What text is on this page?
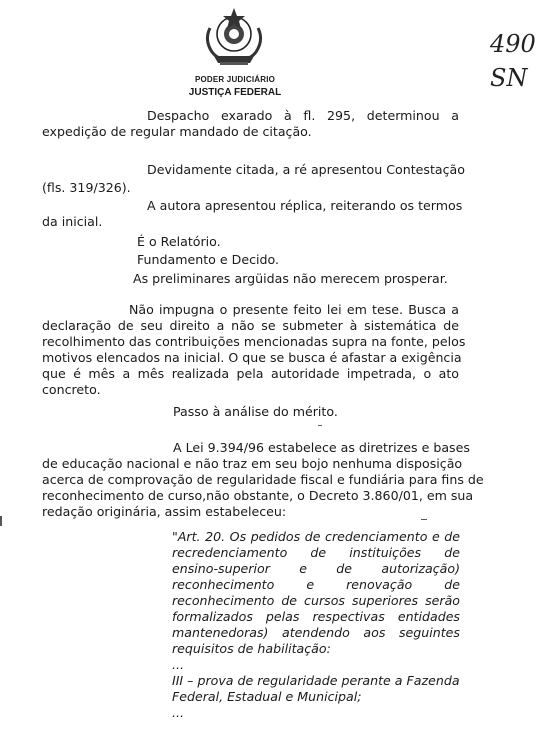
PODER JUDICIÁRIO
JUSTIÇA FEDERAL
490
SN
Despacho exarado à fl. 295, determinou a
expedição de regular mandado de citação.
Devidamente citada, a ré apresentou Contestação
(fls. 319/326).
A autora apresentou réplica, reiterando os termos
da inicial.
É o Relatório.
Fundamento e Decido.
As preliminares argüidas não merecem prosperar.
Não impugna o presente feito lei em tese. Busca a
declaração de seu direito a não se submeter à sistemática de
recolhimento das contribuições mencionadas supra na fonte, pelos
motivos elencados na inicial. O que se busca é afastar a exigência
que é mês a mês realizada pela autoridade impetrada, o ato
concreto.
Passo à análise do mérito.
A Lei 9.394/96 estabelece as diretrizes e bases
de educação nacional e não traz em seu bojo nenhuma disposição
acerca de comprovação de regularidade fiscal e fundiária para fins de
reconhecimento de curso,não obstante, o Decreto 3.860/01, em sua
redação originária, assim estabeleceu:
"Art. 20. Os pedidos de credenciamento e de
recredenciamento de instituições de
ensino-superior e de autorização)
reconhecimento e renovação de
reconhecimento de cursos superiores serão
formalizados pelas respectivas entidades
mantenedoras) atendendo aos seguintes
requisitos de habilitação:
...
III – prova de regularidade perante a Fazenda
Federal, Estadual e Municipal;
...
